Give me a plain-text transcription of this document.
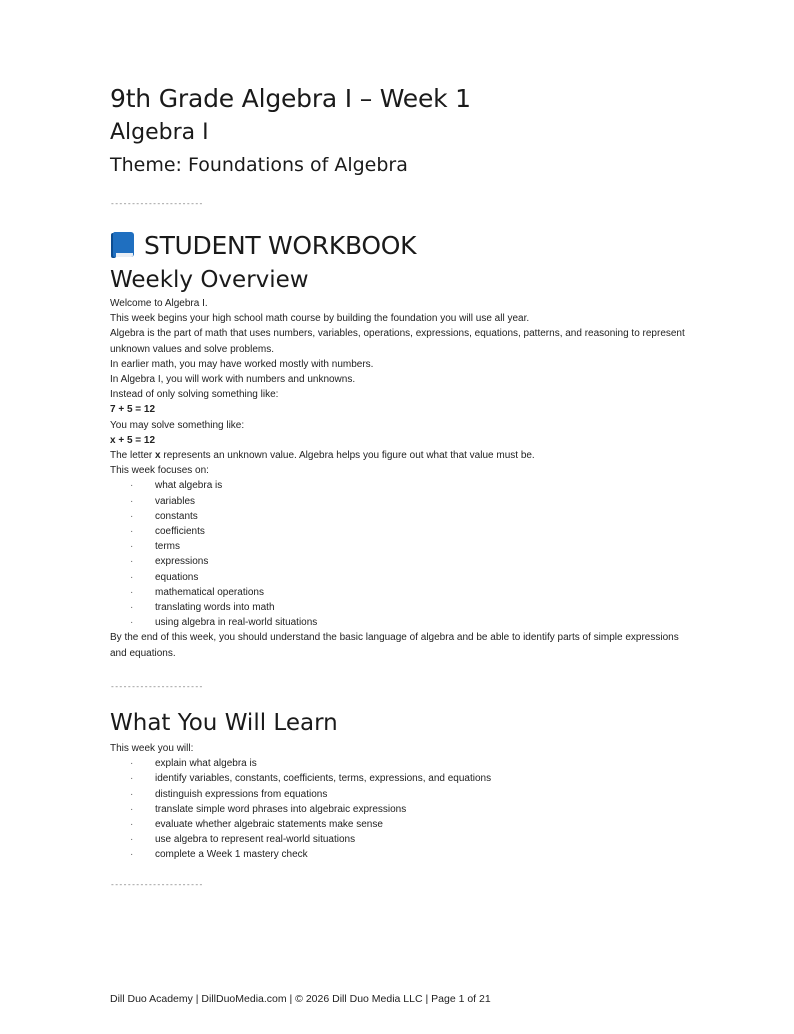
9th Grade Algebra I – Week 1
Algebra I
Theme: Foundations of Algebra
----------------------
STUDENT WORKBOOK
Weekly Overview

Welcome to Algebra I.

This week begins your high school math course by building the foundation you will use all year.

Algebra is the part of math that uses numbers, variables, operations, expressions, equations, patterns, and reasoning to represent unknown values and solve problems.

In earlier math, you may have worked mostly with numbers.

In Algebra I, you will work with numbers and unknowns.

Instead of only solving something like:

7 + 5 = 12

You may solve something like:

x + 5 = 12

The letter x represents an unknown value. Algebra helps you figure out what that value must be.

This week focuses on:

· what algebra is
· variables
· constants
· coefficients
· terms
· expressions
· equations
· mathematical operations
· translating words into math
· using algebra in real-world situations

By the end of this week, you should understand the basic language of algebra and be able to identify parts of simple expressions and equations.

----------------------
What You Will Learn

This week you will:

· explain what algebra is
· identify variables, constants, coefficients, terms, expressions, and equations
· distinguish expressions from equations
· translate simple word phrases into algebraic expressions
· evaluate whether algebraic statements make sense
· use algebra to represent real-world situations
· complete a Week 1 mastery check
----------------------
Dill Duo Academy | DillDuoMedia.com | © 2026 Dill Duo Media LLC | Page 1 of 21
